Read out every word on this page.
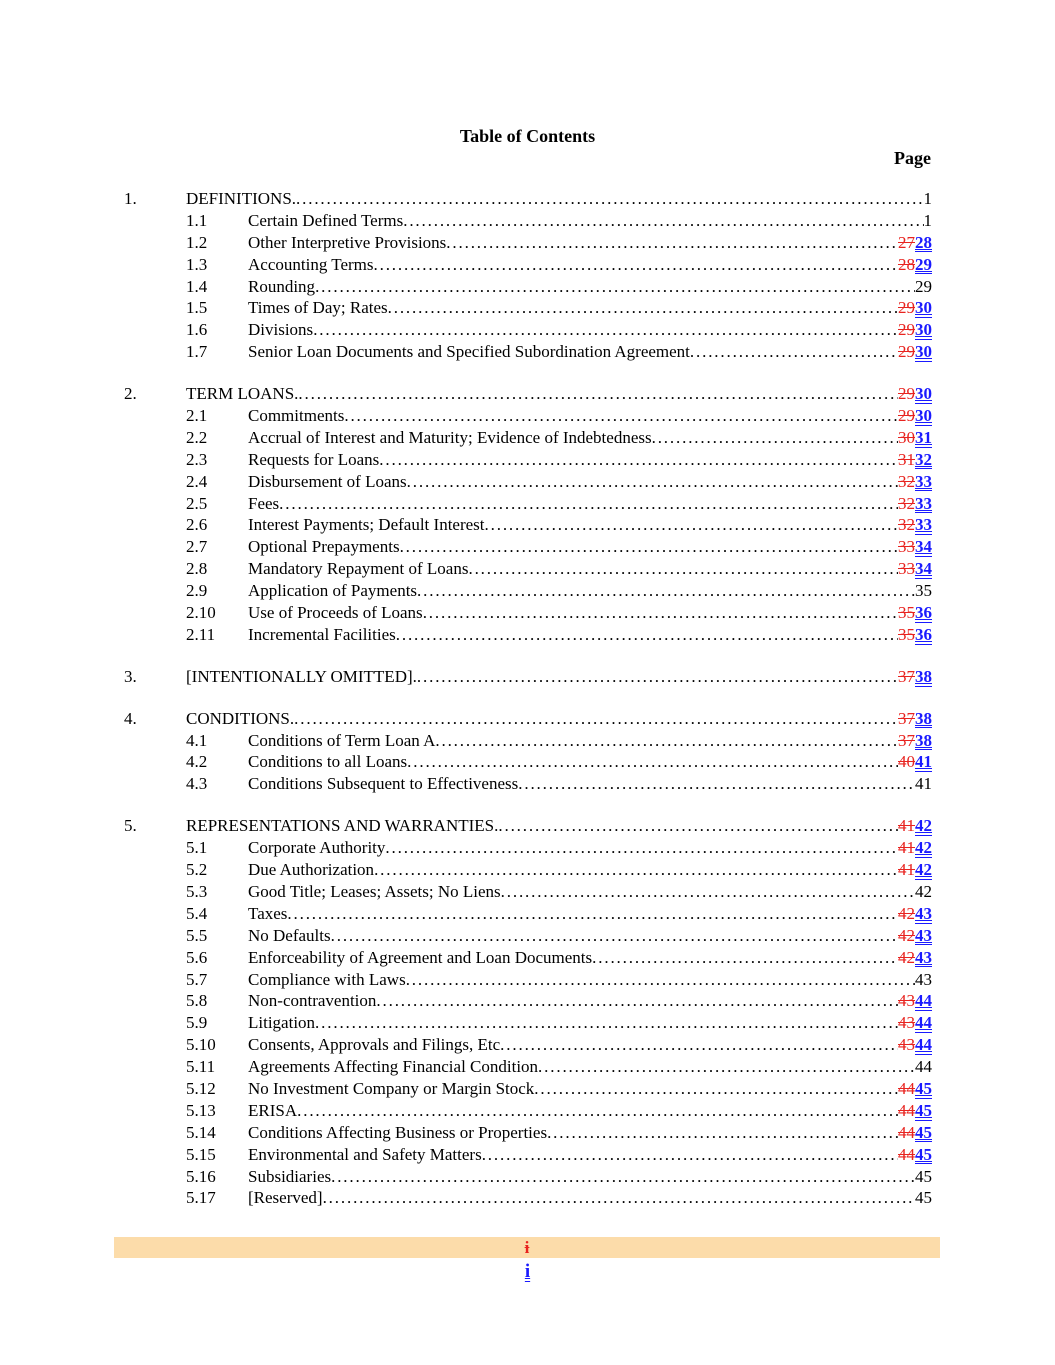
Table of Contents
Page
1.	DEFINITIONS. . . .	1
1.1 Certain Defined Terms . . .	1
1.2 Other Interpretive Provisions . . .	2728
1.3 Accounting Terms . . .	2829
1.4 Rounding . . .	29
1.5 Times of Day; Rates . . .	2930
1.6 Divisions . . .	2930
1.7 Senior Loan Documents and Specified Subordination Agreement . . .	2930
2.	TERM LOANS. . . .	2930
2.1 Commitments . . .	2930
2.2 Accrual of Interest and Maturity; Evidence of Indebtedness . . .	3031
2.3 Requests for Loans . . .	3132
2.4 Disbursement of Loans . . .	3233
2.5 Fees . . .	3233
2.6 Interest Payments; Default Interest . . .	3233
2.7 Optional Prepayments . . .	3334
2.8 Mandatory Repayment of Loans . . .	3334
2.9 Application of Payments . . .	35
2.10 Use of Proceeds of Loans . . .	3536
2.11 Incremental Facilities . . .	3536
3.	[INTENTIONALLY OMITTED]. . . .	3738
4.	CONDITIONS. . . .	3738
4.1 Conditions of Term Loan A . . .	3738
4.2 Conditions to all Loans . . .	4041
4.3 Conditions Subsequent to Effectiveness . . .	41
5.	REPRESENTATIONS AND WARRANTIES. . . .	4142
5.1 Corporate Authority . . .	4142
5.2 Due Authorization . . .	4142
5.3 Good Title; Leases; Assets; No Liens . . .	42
5.4 Taxes . . .	4243
5.5 No Defaults . . .	4243
5.6 Enforceability of Agreement and Loan Documents . . .	4243
5.7 Compliance with Laws . . .	43
5.8 Non-contravention . . .	4344
5.9 Litigation . . .	4344
5.10 Consents, Approvals and Filings, Etc . . .	4344
5.11 Agreements Affecting Financial Condition . . .	44
5.12 No Investment Company or Margin Stock . . .	4445
5.13 ERISA . . .	4445
5.14 Conditions Affecting Business or Properties . . .	4445
5.15 Environmental and Safety Matters . . .	4445
5.16 Subsidiaries . . .	45
5.17 [Reserved] . . .	45
i
i
